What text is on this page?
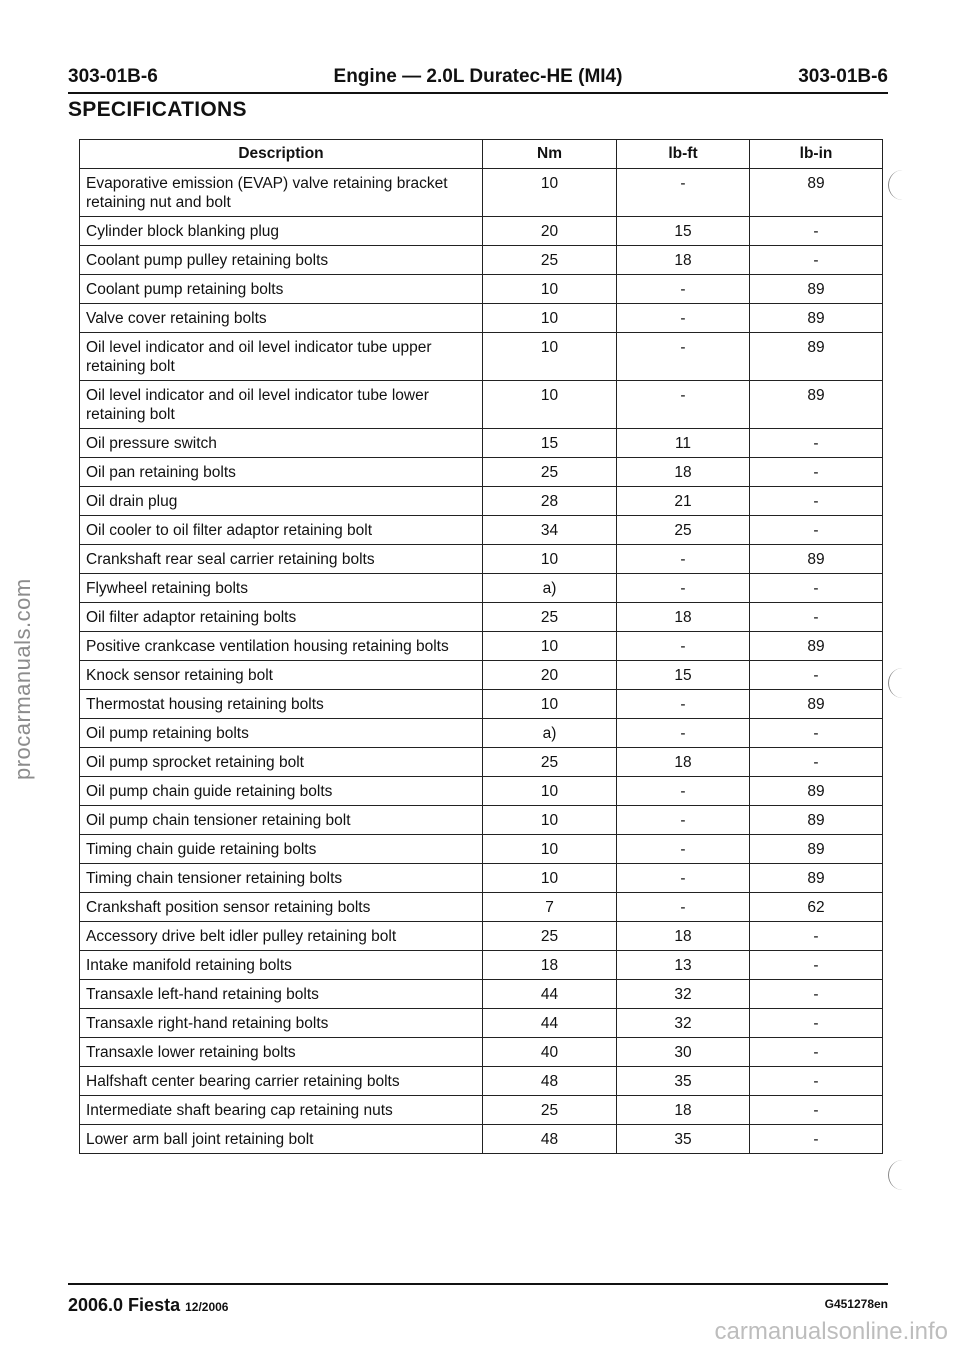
303-01B-6	Engine — 2.0L Duratec-HE (MI4)	303-01B-6
SPECIFICATIONS
Description	Nm	lb-ft	lb-in
Evaporative emission (EVAP) valve retaining bracket retaining nut and bolt	10	-	89
Cylinder block blanking plug	20	15	-
Coolant pump pulley retaining bolts	25	18	-
Coolant pump retaining bolts	10	-	89
Valve cover retaining bolts	10	-	89
Oil level indicator and oil level indicator tube upper retaining bolt	10	-	89
Oil level indicator and oil level indicator tube lower retaining bolt	10	-	89
Oil pressure switch	15	11	-
Oil pan retaining bolts	25	18	-
Oil drain plug	28	21	-
Oil cooler to oil filter adaptor retaining bolt	34	25	-
Crankshaft rear seal carrier retaining bolts	10	-	89
Flywheel retaining bolts	a)	-	-
Oil filter adaptor retaining bolts	25	18	-
Positive crankcase ventilation housing retaining bolts	10	-	89
Knock sensor retaining bolt	20	15	-
Thermostat housing retaining bolts	10	-	89
Oil pump retaining bolts	a)	-	-
Oil pump sprocket retaining bolt	25	18	-
Oil pump chain guide retaining bolts	10	-	89
Oil pump chain tensioner retaining bolt	10	-	89
Timing chain guide retaining bolts	10	-	89
Timing chain tensioner retaining bolts	10	-	89
Crankshaft position sensor retaining bolts	7	-	62
Accessory drive belt idler pulley retaining bolt	25	18	-
Intake manifold retaining bolts	18	13	-
Transaxle left-hand retaining bolts	44	32	-
Transaxle right-hand retaining bolts	44	32	-
Transaxle lower retaining bolts	40	30	-
Halfshaft center bearing carrier retaining bolts	48	35	-
Intermediate shaft bearing cap retaining nuts	25	18	-
Lower arm ball joint retaining bolt	48	35	-
2006.0 Fiesta 12/2006	G451278en
procarmanuals.com
carmanualsonline.info
